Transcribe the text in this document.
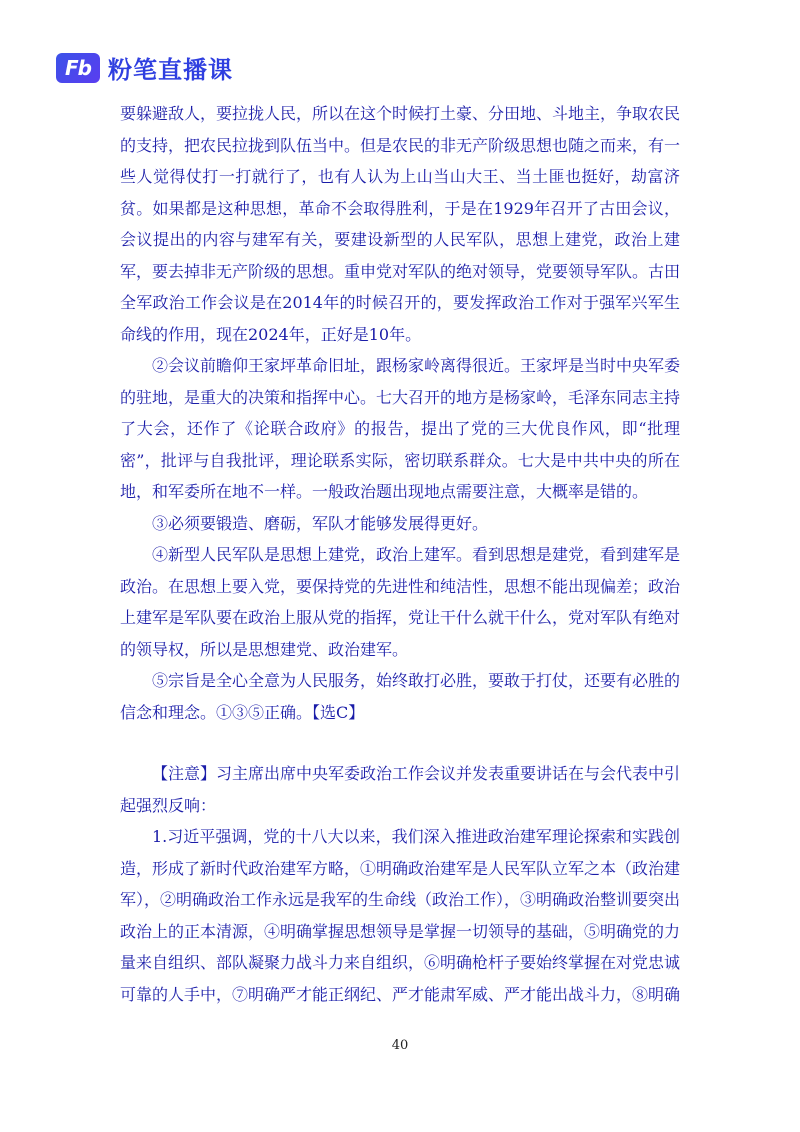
Fb 粉笔直播课

要躲避敌人，要拉拢人民，所以在这个时候打土豪、分田地、斗地主，争取农民的支持，把农民拉拢到队伍当中。但是农民的非无产阶级思想也随之而来，有一些人觉得仗打一打就行了，也有人认为上山当山大王、当土匪也挺好，劫富济贫。如果都是这种思想，革命不会取得胜利，于是在1929年召开了古田会议，会议提出的内容与建军有关，要建设新型的人民军队，思想上建党，政治上建军，要去掉非无产阶级的思想。重申党对军队的绝对领导，党要领导军队。古田全军政治工作会议是在2014年的时候召开的，要发挥政治工作对于强军兴军生命线的作用，现在2024年，正好是10年。

②会议前瞻仰王家坪革命旧址，跟杨家岭离得很近。王家坪是当时中央军委的驻地，是重大的决策和指挥中心。七大召开的地方是杨家岭，毛泽东同志主持了大会，还作了《论联合政府》的报告，提出了党的三大优良作风，即“批理密”，批评与自我批评，理论联系实际，密切联系群众。七大是中共中央的所在地，和军委所在地不一样。一般政治题出现地点需要注意，大概率是错的。

③必须要锻造、磨砺，军队才能够发展得更好。

④新型人民军队是思想上建党，政治上建军。看到思想是建党，看到建军是政治。在思想上要入党，要保持党的先进性和纯洁性，思想不能出现偏差；政治上建军是军队要在政治上服从党的指挥，党让干什么就干什么，党对军队有绝对的领导权，所以是思想建党、政治建军。

⑤宗旨是全心全意为人民服务，始终敢打必胜，要敢于打仗，还要有必胜的信念和理念。①③⑤正确。【选C】

【注意】习主席出席中央军委政治工作会议并发表重要讲话在与会代表中引起强烈反响：

1.习近平强调，党的十八大以来，我们深入推进政治建军理论探索和实践创造，形成了新时代政治建军方略，①明确政治建军是人民军队立军之本（政治建军），②明确政治工作永远是我军的生命线（政治工作），③明确政治整训要突出政治上的正本清源，④明确掌握思想领导是掌握一切领导的基础，⑤明确党的力量来自组织、部队凝聚力战斗力来自组织，⑥明确枪杆子要始终掌握在对党忠诚可靠的人手中，⑦明确严才能正纲纪、严才能肃军威、严才能出战斗力，⑧明确

40
